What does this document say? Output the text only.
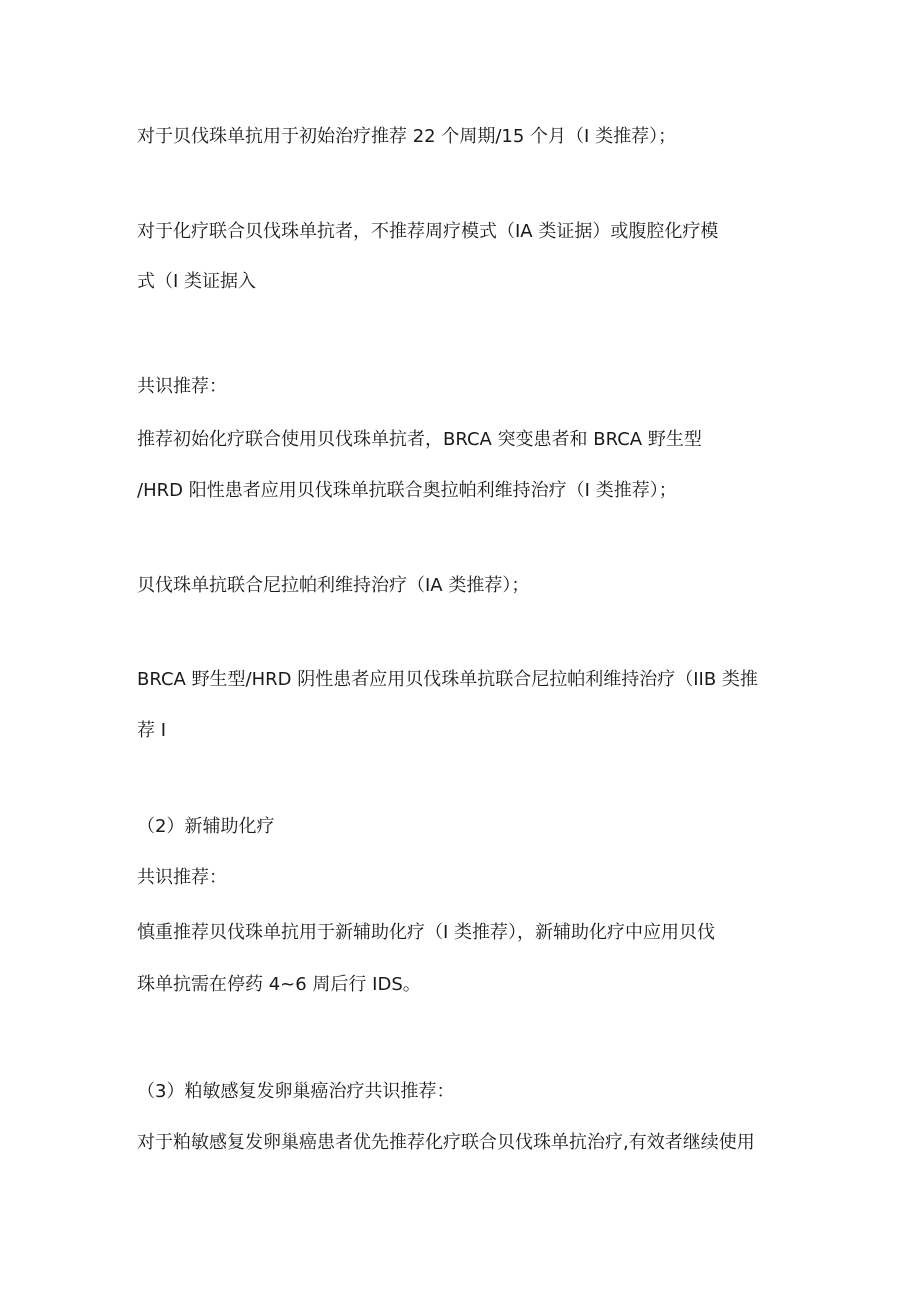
对于贝伐珠单抗用于初始治疗推荐 22 个周期/15 个月（I 类推荐）；
对于化疗联合贝伐珠单抗者，不推荐周疗模式（IA 类证据）或腹腔化疗模
式（I 类证据入
共识推荐：
推荐初始化疗联合使用贝伐珠单抗者，BRCA 突变患者和 BRCA 野生型
/HRD 阳性患者应用贝伐珠单抗联合奥拉帕利维持治疗（I 类推荐）；
贝伐珠单抗联合尼拉帕利维持治疗（IA 类推荐）；
BRCA 野生型/HRD 阴性患者应用贝伐珠单抗联合尼拉帕利维持治疗（IIB 类推
荐 I
（2）新辅助化疗
共识推荐：
慎重推荐贝伐珠单抗用于新辅助化疗（I 类推荐），新辅助化疗中应用贝伐
珠单抗需在停药 4~6 周后行 IDS。
（3）粕敏感复发卵巢癌治疗共识推荐：
对于粕敏感复发卵巢癌患者优先推荐化疗联合贝伐珠单抗治疗,有效者继续使用
